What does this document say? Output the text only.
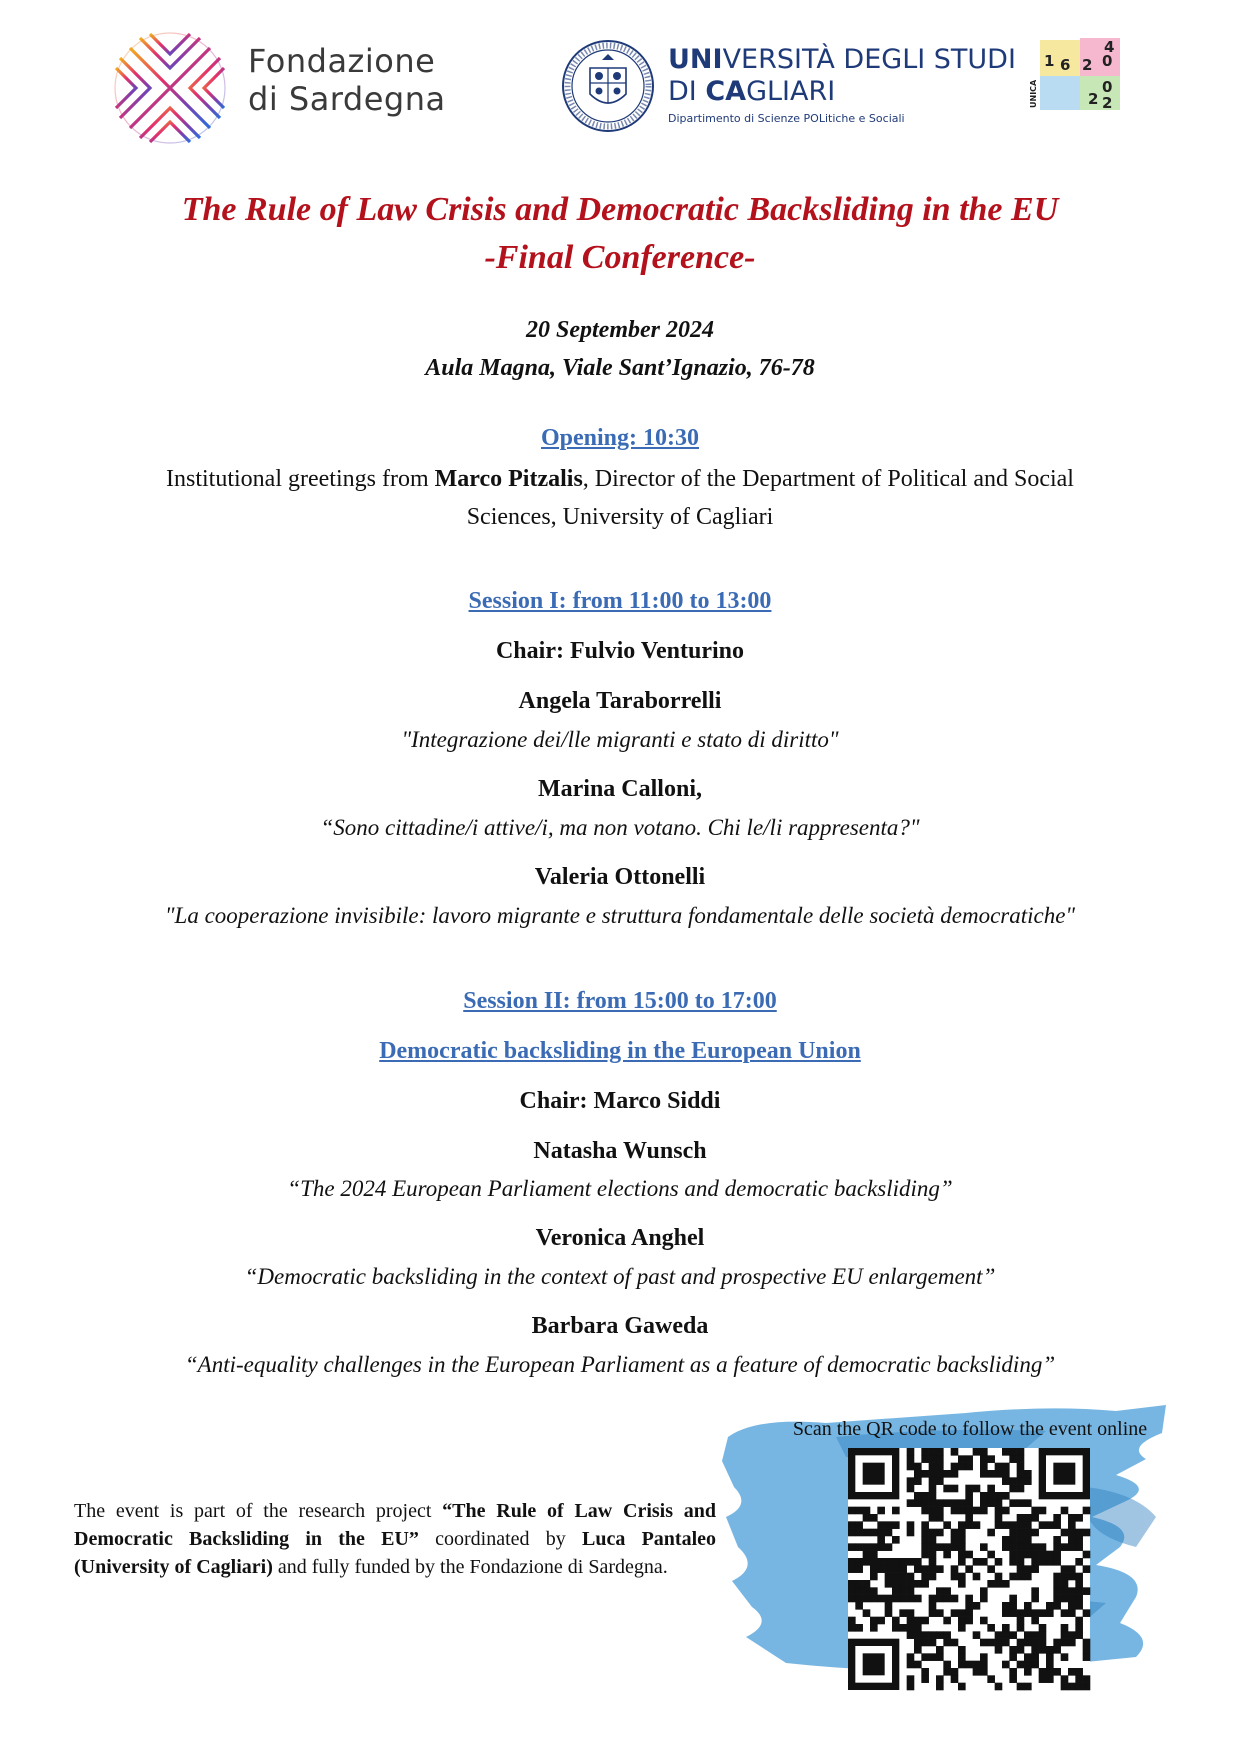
Fondazione
di Sardegna
UNIVERSITÀ DEGLI STUDI
DI CAGLIARI
Dipartimento di Scienze POLitiche e Sociali
1 6 2 0
4
2
0
2
UNICA
The Rule of Law Crisis and Democratic Backsliding in the EU
-Final Conference-
20 September 2024
Aula Magna, Viale Sant’Ignazio, 76-78
Opening: 10:30
Institutional greetings from Marco Pitzalis, Director of the Department of Political and Social
Sciences, University of Cagliari
Session I: from 11:00 to 13:00
Chair: Fulvio Venturino
Angela Taraborrelli
"Integrazione dei/lle migranti e stato di diritto"
Marina Calloni,
“Sono cittadine/i attive/i, ma non votano. Chi le/li rappresenta?"
Valeria Ottonelli
"La cooperazione invisibile: lavoro migrante e struttura fondamentale delle società democratiche"
Session II: from 15:00 to 17:00
Democratic backsliding in the European Union
Chair: Marco Siddi
Natasha Wunsch
“The 2024 European Parliament elections and democratic backsliding”
Veronica Anghel
“Democratic backsliding in the context of past and prospective EU enlargement”
Barbara Gaweda
“Anti-equality challenges in the European Parliament as a feature of democratic backsliding”
The event is part of the research project “The Rule of Law Crisis and Democratic Backsliding in the EU” coordinated by Luca Pantaleo (University of Cagliari) and fully funded by the Fondazione di Sardegna.
Scan the QR code to follow the event online
